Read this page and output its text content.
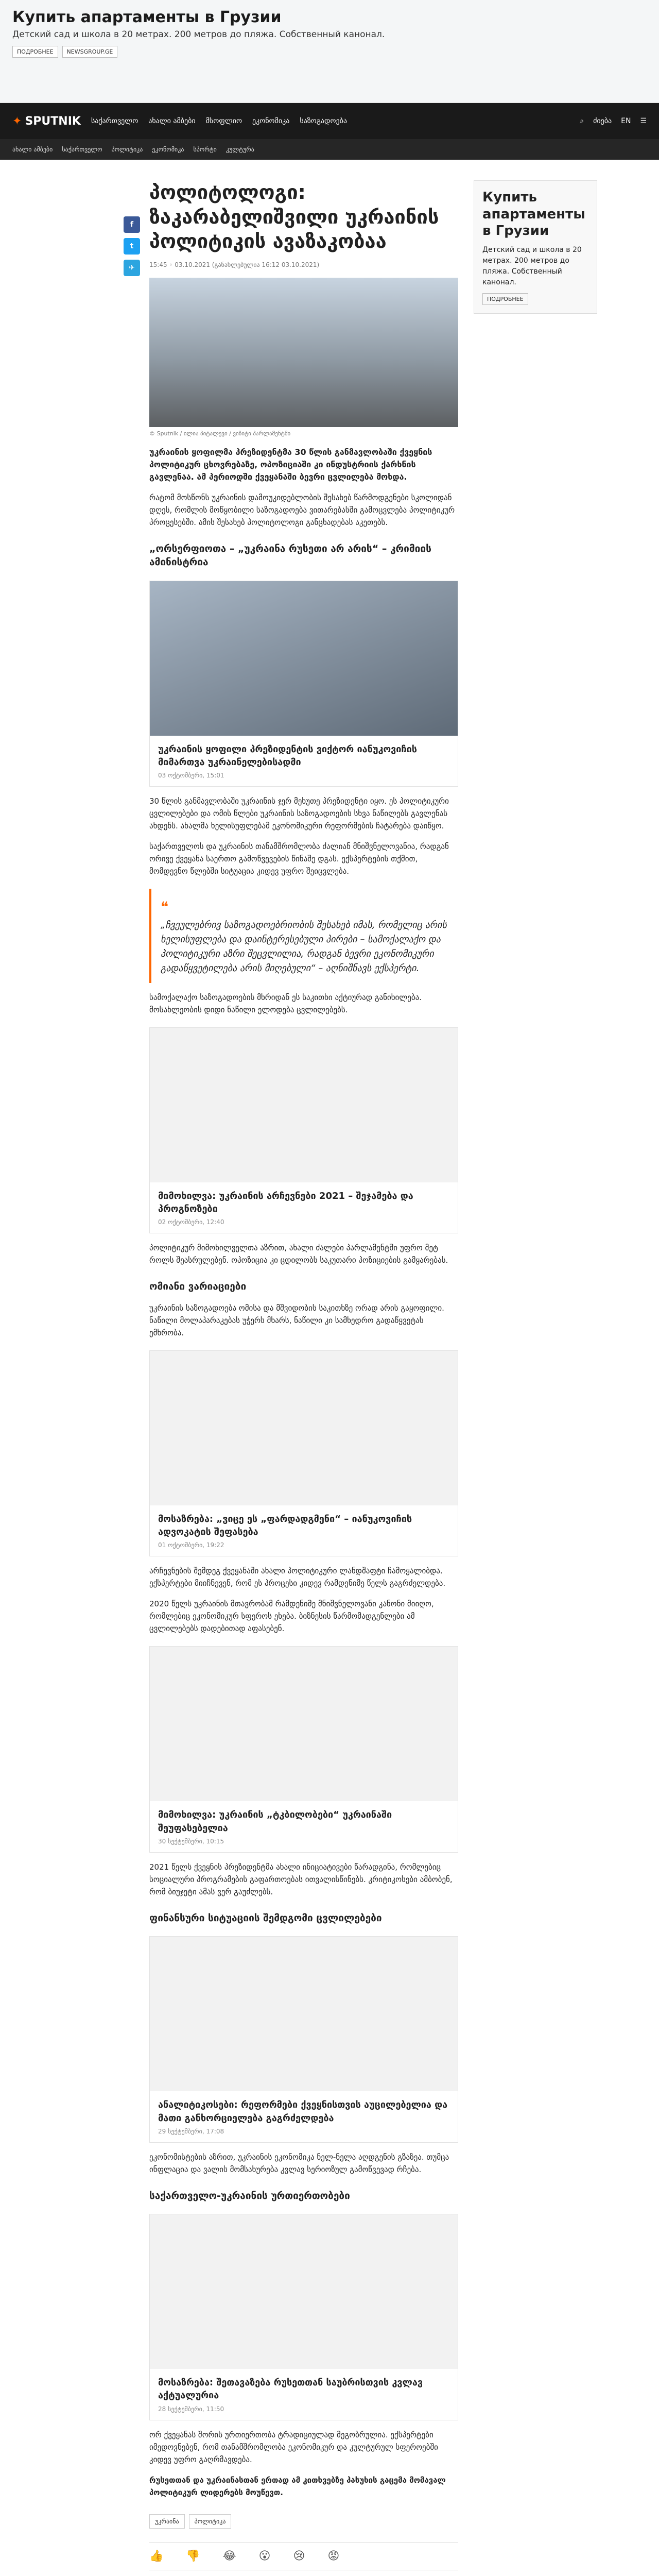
Купить апартаменты в Грузии
Детский сад и школа в 20 метрах. 200 метров до пляжа. Собственный канонал.
ПОДРОБНЕЕ	NEWSGROUP.GE
✦ SPUTNIK საქართველო ახალი ამბები მსოფლიო ეკონომიკა საზოგადოება	⌕ ძიება EN ☰
ახალი ამბები საქართველო პოლიტიკა ეკონომიკა სპორტი კულტურა
f
t
✈
პოლიტოლოგი: ზაკარაბელიშვილი უკრაინის პოლიტიკის ავაზაკობაა
15:45 ◦ 03.10.2021 (განახლებულია 16:12 03.10.2021)
© Sputnik / ილია პიტალევი / ვიზიტი პარლამენტში
უკრაინის ყოფილმა პრეზიდენტმა 30 წლის განმავლობაში ქვეყნის პოლიტიკურ ცხოვრებაზე, ოპოზიციაში კი ინდუსტრიის ქარხნის გავლენაა. ამ პერიოდში ქვეყანაში ბევრი ცვლილება მოხდა.

რატომ მოსწონს უკრაინის დამოუკიდებლობის შესახებ წარმოდგენები სკოლიდან დღეს, რომლის მოწყობილი საზოგადოება ვითარებასში გამოცვლება პოლიტიკურ პროცესებში. ამის შესახებ პოლიტოლოგი განცხადებას აკეთებს.

„ორსერფიოთა – „უკრაინა რუსეთი არ არის“ – კრიმიის ამინისტრია
უკრაინის ყოფილი პრეზიდენტის ვიქტორ იანუკოვიჩის მიმართვა უკრაინელებისადმი
03 ოქტომბერი, 15:01

30 წლის განმავლობაში უკრაინის ჯერ მეხუთე პრეზიდენტი იყო. ეს პოლიტიკური ცვლილებები და ომის წლები უკრაინის საზოგადოების სხვა ნაწილებს გავლენას ახდენს. ახალმა ხელისუფლებამ ეკონომიკური რეფორმების ჩატარება დაიწყო.

საქართველოს და უკრაინის თანამშრომლობა ძალიან მნიშვნელოვანია, რადგან ორივე ქვეყანა საერთო გამოწვევების წინაშე დგას. ექსპერტების თქმით, მომდევნო წლებში სიტუაცია კიდევ უფრო შეიცვლება.

❝
„ჩვეულებრივ საზოგადოებრიობის შესახებ იმას, რომელიც არის ხელისუფლება და დაინტერესებული პირები – სამოქალაქო და პოლიტიკური აზრი შეცვლილია, რადგან ბევრი ეკონომიკური გადაწყვეტილება არის მიღებული“ – აღნიშნავს ექსპერტი.

სამოქალაქო საზოგადოების მხრიდან ეს საკითხი აქტიურად განიხილება. მოსახლეობის დიდი ნაწილი ელოდება ცვლილებებს.

მიმოხილვა: უკრაინის არჩევნები 2021 – შეჯამება და პროგნოზები
02 ოქტომბერი, 12:40

პოლიტიკურ მიმოხილველთა აზრით, ახალი ძალები პარლამენტში უფრო მეტ როლს შეასრულებენ. ოპოზიცია კი ცდილობს საკუთარი პოზიციების გამყარებას.

ომიანი ვარიაციები

უკრაინის საზოგადოება ომისა და მშვიდობის საკითხზე ორად არის გაყოფილი. ნაწილი მოლაპარაკებას უჭერს მხარს, ნაწილი კი სამხედრო გადაწყვეტას ემხრობა.

მოსაზრება: „ვიცე ეს „ფარდადგმენი“ – იანუკოვიჩის ადვოკატის შეფასება
01 ოქტომბერი, 19:22

არჩევნების შემდეგ ქვეყანაში ახალი პოლიტიკური ლანდშაფტი ჩამოყალიბდა. ექსპერტები მიიჩნევენ, რომ ეს პროცესი კიდევ რამდენიმე წელს გაგრძელდება.

2020 წელს უკრაინის მთავრობამ რამდენიმე მნიშვნელოვანი კანონი მიიღო, რომლებიც ეკონომიკურ სფეროს ეხება. ბიზნესის წარმომადგენლები ამ ცვლილებებს დადებითად აფასებენ.

მიმოხილვა: უკრაინის „ტკბილობები“ უკრაინაში შეუფასებელია
30 სექტემბერი, 10:15

2021 წელს ქვეყნის პრეზიდენტმა ახალი ინიციატივები წარადგინა, რომლებიც სოციალური პროგრამების გაფართოებას ითვალისწინებს. კრიტიკოსები ამბობენ, რომ ბიუჯეტი ამას ვერ გაუძლებს.

ფინანსური სიტუაციის შემდგომი ცვლილებები
ანალიტიკოსები: რეფორმები ქვეყნისთვის აუცილებელია და მათი განხორციელება გაგრძელდება
29 სექტემბერი, 17:08

ეკონომისტების აზრით, უკრაინის ეკონომიკა ნელ-ნელა აღდგენის გზაზეა. თუმცა ინფლაცია და ვალის მომსახურება კვლავ სერიოზულ გამოწვევად რჩება.

საქართველო-უკრაინის ურთიერთობები
მოსაზრება: შეთავაზება რუსეთთან საუბრისთვის კვლავ აქტუალურია
28 სექტემბერი, 11:50

ორ ქვეყანას შორის ურთიერთობა ტრადიციულად მეგობრულია. ექსპერტები იმედოვნებენ, რომ თანამშრომლობა ეკონომიკურ და კულტურულ სფეროებში კიდევ უფრო გაღრმავდება.

რუსეთთან და უკრაინასთან ერთად ამ კითხვებზე პასუხის გაცემა მომავალ პოლიტიკურ ლიდერებს მოუწევთ.

უკრაინა	პოლიტიკა
👍 👎 😂 😮 😢 😡
Купить апартаменты в Грузии
Детский сад и школа в 20 метрах. 200 метров до пляжа. Собственный канонал.
ПОДРОБНЕЕ
